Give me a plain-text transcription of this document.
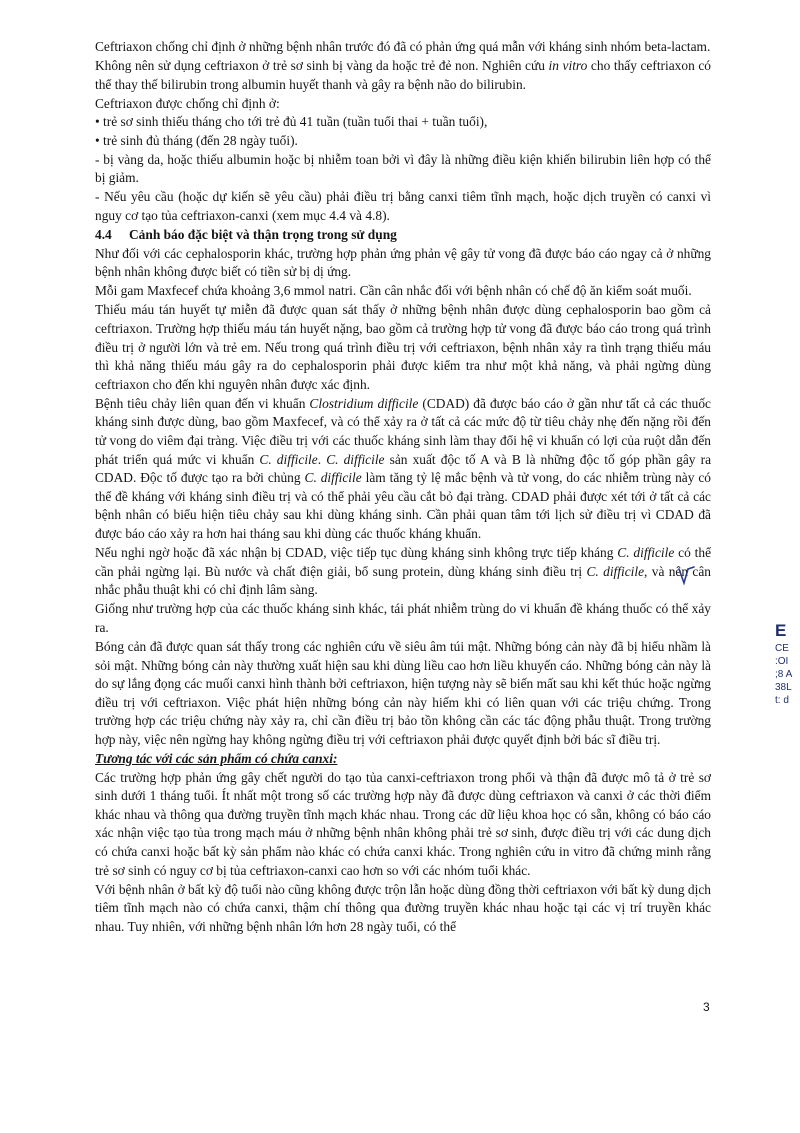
Ceftriaxon chống chỉ định ở những bệnh nhân trước đó đã có phản ứng quá mẫn với kháng sinh nhóm beta-lactam.

Không nên sử dụng ceftriaxon ở trẻ sơ sinh bị vàng da hoặc trẻ đẻ non. Nghiên cứu in vitro cho thấy ceftriaxon có thể thay thế bilirubin trong albumin huyết thanh và gây ra bệnh não do bilirubin.

Ceftriaxon được chống chỉ định ở:

• trẻ sơ sinh thiếu tháng cho tới trẻ đủ 41 tuần (tuần tuổi thai + tuần tuổi),

• trẻ sinh đủ tháng (đến 28 ngày tuổi).

- bị vàng da, hoặc thiếu albumin hoặc bị nhiễm toan bởi vì đây là những điều kiện khiến bilirubin liên hợp có thể bị giảm.

- Nếu yêu cầu (hoặc dự kiến sẽ yêu cầu) phải điều trị bằng canxi tiêm tĩnh mạch, hoặc dịch truyền có canxi vì nguy cơ tạo tủa ceftriaxon-canxi (xem mục 4.4 và 4.8).

4.4 Cảnh báo đặc biệt và thận trọng trong sử dụng

Như đối với các cephalosporin khác, trường hợp phản ứng phản vệ gây tử vong đã được báo cáo ngay cả ở những bệnh nhân không được biết có tiền sử bị dị ứng.

Mỗi gam Maxfecef chứa khoảng 3,6 mmol natri. Cần cân nhắc đối với bệnh nhân có chế độ ăn kiểm soát muối.

Thiếu máu tán huyết tự miễn đã được quan sát thấy ở những bệnh nhân được dùng cephalosporin bao gồm cả ceftriaxon. Trường hợp thiếu máu tán huyết nặng, bao gồm cả trường hợp tử vong đã được báo cáo trong quá trình điều trị ở người lớn và trẻ em. Nếu trong quá trình điều trị với ceftriaxon, bệnh nhân xảy ra tình trạng thiếu máu thì khả năng thiếu máu gây ra do cephalosporin phải được kiểm tra như một khả năng, và phải ngừng dùng ceftriaxon cho đến khi nguyên nhân được xác định.

Bệnh tiêu chảy liên quan đến vi khuẩn Clostridium difficile (CDAD) đã được báo cáo ở gần như tất cả các thuốc kháng sinh được dùng, bao gồm Maxfecef, và có thể xảy ra ở tất cả các mức độ từ tiêu chảy nhẹ đến nặng rồi đến tử vong do viêm đại tràng. Việc điều trị với các thuốc kháng sinh làm thay đổi hệ vi khuẩn có lợi của ruột dẫn đến phát triển quá mức vi khuẩn C. difficile. C. difficile sản xuất độc tố A và B là những độc tố góp phần gây ra CDAD. Độc tố được tạo ra bởi chủng C. difficile làm tăng tỷ lệ mắc bệnh và tử vong, do các nhiễm trùng này có thể đề kháng với kháng sinh điều trị và có thể phải yêu cầu cắt bỏ đại tràng. CDAD phải được xét tới ở tất cả các bệnh nhân có biểu hiện tiêu chảy sau khi dùng kháng sinh. Cần phải quan tâm tới lịch sử điều trị vì CDAD đã được báo cáo xảy ra hơn hai tháng sau khi dùng các thuốc kháng khuẩn.

Nếu nghi ngờ hoặc đã xác nhận bị CDAD, việc tiếp tục dùng kháng sinh không trực tiếp kháng C. difficile có thể cần phải ngừng lại. Bù nước và chất điện giải, bổ sung protein, dùng kháng sinh điều trị C. difficile, và nên cân nhắc phẫu thuật khi có chỉ định lâm sàng.

Giống như trường hợp của các thuốc kháng sinh khác, tái phát nhiễm trùng do vi khuẩn đề kháng thuốc có thể xảy ra.

Bóng cản đã được quan sát thấy trong các nghiên cứu về siêu âm túi mật. Những bóng cản này đã bị hiểu nhầm là sỏi mật. Những bóng cản này thường xuất hiện sau khi dùng liều cao hơn liều khuyến cáo. Những bóng cản này là do sự lắng đọng các muối canxi hình thành bởi ceftriaxon, hiện tượng này sẽ biến mất sau khi kết thúc hoặc ngừng điều trị với ceftriaxon. Việc phát hiện những bóng cản này hiếm khi có liên quan với các triệu chứng. Trong trường hợp các triệu chứng này xảy ra, chỉ cần điều trị bảo tồn không cần các tác động phẫu thuật. Trong trường hợp này, việc nên ngừng hay không ngừng điều trị với ceftriaxon phải được quyết định bởi bác sĩ điều trị.

Tương tác với các sản phẩm có chứa canxi:

Các trường hợp phản ứng gây chết người do tạo tủa canxi-ceftriaxon trong phổi và thận đã được mô tả ở trẻ sơ sinh dưới 1 tháng tuổi. Ít nhất một trong số các trường hợp này đã được dùng ceftriaxon và canxi ở các thời điểm khác nhau và thông qua đường truyền tĩnh mạch khác nhau. Trong các dữ liệu khoa học có sẵn, không có báo cáo xác nhận việc tạo tủa trong mạch máu ở những bệnh nhân không phải trẻ sơ sinh, được điều trị với các dung dịch có chứa canxi hoặc bất kỳ sản phẩm nào khác có chứa canxi khác. Trong nghiên cứu in vitro đã chứng minh rằng trẻ sơ sinh có nguy cơ bị tủa ceftriaxon-canxi cao hơn so với các nhóm tuổi khác.

Với bệnh nhân ở bất kỳ độ tuổi nào cũng không được trộn lẫn hoặc dùng đồng thời ceftriaxon với bất kỳ dung dịch tiêm tĩnh mạch nào có chứa canxi, thậm chí thông qua đường truyền khác nhau hoặc tại các vị trí truyền khác nhau. Tuy nhiên, với những bệnh nhân lớn hơn 28 ngày tuổi, có thể

E
CE
:OI
;8 A
38L
t: d
3
